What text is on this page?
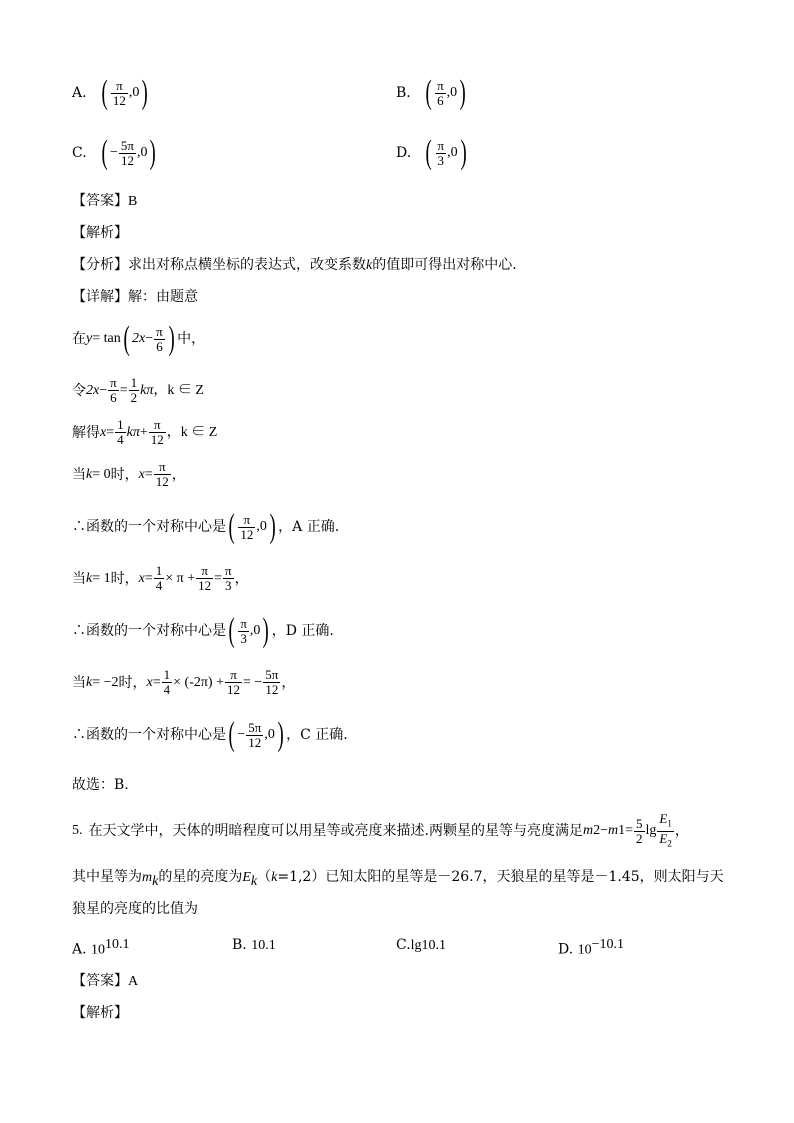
A. ( $\frac{\pi}{12}$ , 0 )	B. ( $\frac{\pi}{6}$ , 0 )
C. ( − $\frac{5\pi}{12}$ , 0 )	D. ( $\frac{\pi}{3}$ , 0 )
【答案】B
【解析】
【分析】求出对称点横坐标的表达式，改变系数k的值即可得出对称中心.
【详解】解：由题意
在 y = tan ( $2x - \frac{\pi}{6}$ ) 中，
令 $2x - \frac{\pi}{6} = \frac{1}{2}$ kπ ，k ∈ Z
解得 $x = \frac{1}{4}$ $k\pi + \frac{\pi}{12}$ ，k ∈ Z
当 k = 0 时， $x = \frac{\pi}{12}$ ，
∴函数的一个对称中心是 ( $\frac{\pi}{12}$ , 0 ) ，A 正确.
当 k = 1 时， $x = \frac{1}{4} \times \pi + \frac{\pi}{12} = \frac{\pi}{3}$ ，
∴函数的一个对称中心是 ( $\frac{\pi}{3}$ , 0 ) ，D 正确.
当 k = −2 时， $x = \frac{1}{4} \times (-2\pi) + \frac{\pi}{12}$ = − $\frac{5\pi}{12}$ ，
∴函数的一个对称中心是 ( − $\frac{5\pi}{12}$ , 0 ) ，C 正确.
故选：B.
5. 在天文学中，天体的明暗程度可以用星等或亮度来描述.两颗星的星等与亮度满足 m 2 − m $1 = \frac{5}{2}$ $\lg \frac{E_1}{E_2}$ ，
其中星等为$m_k$的星的亮度为$E_k(k=1,2)$已知太阳的星等是－26.7，天狼星的星等是－1.45，则太阳与天
狼星的亮度的比值为
A. $10^{10.1}$	B. 10.1	C.lg10.1	D. $10^{-10.1}$
【答案】A
【解析】
